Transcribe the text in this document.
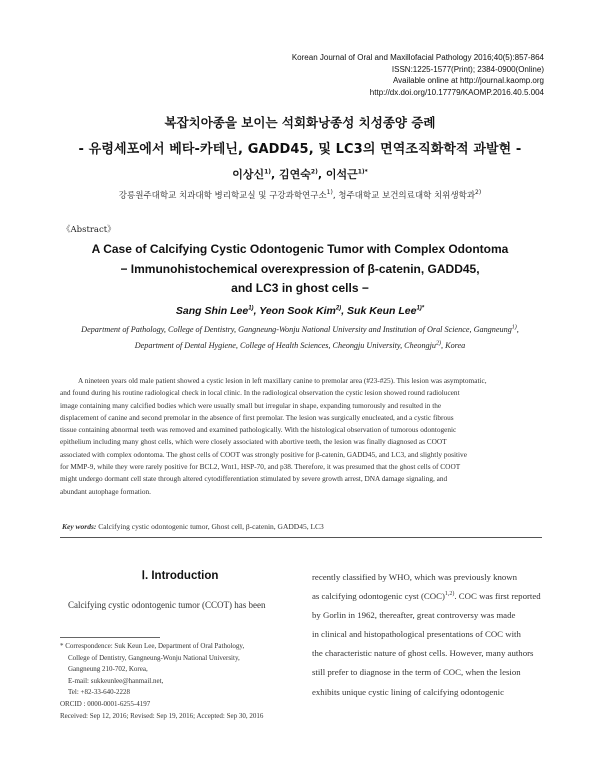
Korean Journal of Oral and Maxillofacial Pathology 2016;40(5):857-864
ISSN:1225-1577(Print); 2384-0900(Online)
Available online at http://journal.kaomp.org
http://dx.doi.org/10.17779/KAOMP.2016.40.5.004
복잡치아종을 보이는 석회화낭종성 치성종양 증례
- 유령세포에서 베타-카테닌, GADD45, 및 LC3의 면역조직화학적 과발현 -
이상신$^{1)}$, 김연숙$^{2)}$, 이석근$^{1)*}$
강릉원주대학교 치과대학 병리학교실 및 구강과학연구소$^{1)}$, 청주대학교 보건의료대학 치위생학과$^{2)}$
《Abstract》
A Case of Calcifying Cystic Odontogenic Tumor with Complex Odontoma
− Immunohistochemical overexpression of β-catenin, GADD45,
and LC3 in ghost cells −
Sang Shin Lee$^{1)}$, Yeon Sook Kim$^{2)}$, Suk Keun Lee$^{1)*}$
Department of Pathology, College of Dentistry, Gangneung-Wonju National University and Institution of Oral Science, Gangneung$^{1)}$,
Department of Dental Hygiene, College of Health Sciences, Cheongju University, Cheongju$^{2)}$, Korea
A nineteen years old male patient showed a cystic lesion in left maxillary canine to premolar area (#23-#25). This lesion was asymptomatic,
and found during his routine radiological check in local clinic. In the radiological observation the cystic lesion showed round radiolucent
image containing many calcified bodies which were usually small but irregular in shape, expanding tumorously and resulted in the
displacement of canine and second premolar in the absence of first premolar. The lesion was surgically enucleated, and a cystic fibrous
tissue containing abnormal teeth was removed and examined pathologically. With the histological observation of tumorous odontogenic
epithelium including many ghost cells, which were closely associated with abortive teeth, the lesion was finally diagnosed as COOT
associated with complex odontoma. The ghost cells of COOT was strongly positive for β-catenin, GADD45, and LC3, and slightly positive
for MMP-9, while they were rarely positive for BCL2, Wnt1, HSP-70, and p38. Therefore, it was presumed that the ghost cells of COOT
might undergo dormant cell state through altered cytodifferentiation stimulated by severe growth arrest, DNA damage signaling, and
abundant autophage formation.
Key words: Calcifying cystic odontogenic tumor, Ghost cell, β-catenin, GADD45, LC3
Ⅰ. Introduction
Calcifying cystic odontogenic tumor (CCOT) has been
* Correspondence: Suk Keun Lee, Department of Oral Pathology,
College of Dentistry, Gangneung-Wonju National University,
Gangneung 210-702, Korea,
E-mail: sukkeunlee@hanmail.net,
Tel: +82-33-640-2228
ORCID : 0000-0001-6255-4197
Received: Sep 12, 2016; Revised: Sep 19, 2016; Accepted: Sep 30, 2016
recently classified by WHO, which was previously known
as calcifying odontogenic cyst (COC)$^{1,2)}$. COC was first reported
by Gorlin in 1962, thereafter, great controversy was made
in clinical and histopathological presentations of COC with
the characteristic nature of ghost cells. However, many authors
still prefer to diagnose in the term of COC, when the lesion
exhibits unique cystic lining of calcifying odontogenic
